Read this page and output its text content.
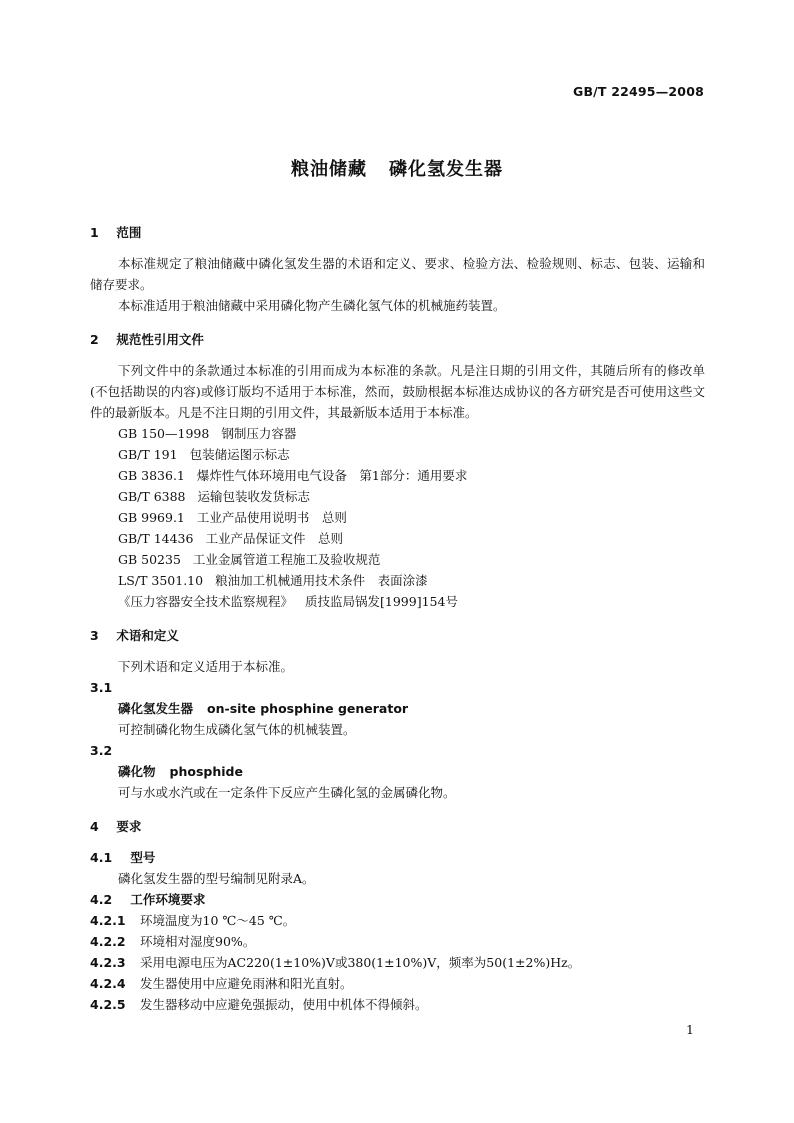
GB/T 22495—2008
粮油储藏 磷化氢发生器
1 范围
本标准规定了粮油储藏中磷化氢发生器的术语和定义、要求、检验方法、检验规则、标志、包装、运输和储存要求。
本标准适用于粮油储藏中采用磷化物产生磷化氢气体的机械施药装置。
2 规范性引用文件
下列文件中的条款通过本标准的引用而成为本标准的条款。凡是注日期的引用文件，其随后所有的修改单(不包括勘误的内容)或修订版均不适用于本标准，然而，鼓励根据本标准达成协议的各方研究是否可使用这些文件的最新版本。凡是不注日期的引用文件，其最新版本适用于本标准。
GB 150—1998 钢制压力容器
GB/T 191 包装储运图示标志
GB 3836.1 爆炸性气体环境用电气设备　第1部分：通用要求
GB/T 6388 运输包装收发货标志
GB 9969.1 工业产品使用说明书　总则
GB/T 14436 工业产品保证文件　总则
GB 50235 工业金属管道工程施工及验收规范
LS/T 3501.10 粮油加工机械通用技术条件　表面涂漆
《压力容器安全技术监察规程》 质技监局锅发[1999]154号
3 术语和定义
下列术语和定义适用于本标准。
3.1
磷化氢发生器 on-site phosphine generator
可控制磷化物生成磷化氢气体的机械装置。
3.2
磷化物 phosphide
可与水或水汽或在一定条件下反应产生磷化氢的金属磷化物。
4 要求
4.1 型号
磷化氢发生器的型号编制见附录A。
4.2 工作环境要求
4.2.1 环境温度为10 ℃～45 ℃。
4.2.2 环境相对湿度90%。
4.2.3 采用电源电压为AC220(1±10%)V或380(1±10%)V，频率为50(1±2%)Hz。
4.2.4 发生器使用中应避免雨淋和阳光直射。
4.2.5 发生器移动中应避免强振动，使用中机体不得倾斜。
1
